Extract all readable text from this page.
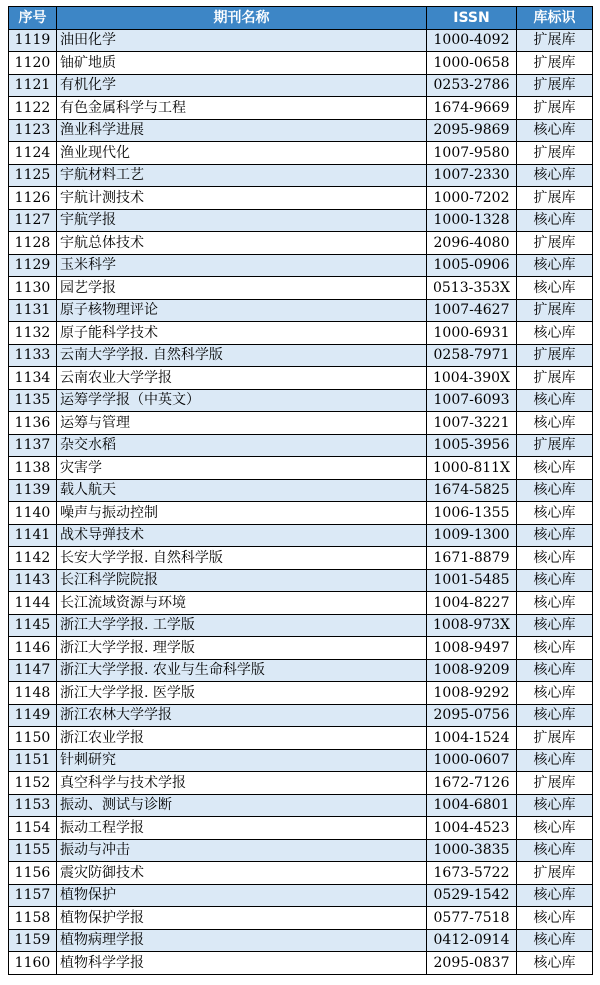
序号	期刊名称	ISSN	库标识
1119	油田化学	1000-4092	扩展库
1120	铀矿地质	1000-0658	扩展库
1121	有机化学	0253-2786	扩展库
1122	有色金属科学与工程	1674-9669	扩展库
1123	渔业科学进展	2095-9869	核心库
1124	渔业现代化	1007-9580	扩展库
1125	宇航材料工艺	1007-2330	核心库
1126	宇航计测技术	1000-7202	扩展库
1127	宇航学报	1000-1328	核心库
1128	宇航总体技术	2096-4080	扩展库
1129	玉米科学	1005-0906	核心库
1130	园艺学报	0513-353X	核心库
1131	原子核物理评论	1007-4627	扩展库
1132	原子能科学技术	1000-6931	核心库
1133	云南大学学报. 自然科学版	0258-7971	扩展库
1134	云南农业大学学报	1004-390X	扩展库
1135	运筹学学报（中英文）	1007-6093	核心库
1136	运筹与管理	1007-3221	核心库
1137	杂交水稻	1005-3956	扩展库
1138	灾害学	1000-811X	核心库
1139	载人航天	1674-5825	核心库
1140	噪声与振动控制	1006-1355	核心库
1141	战术导弹技术	1009-1300	核心库
1142	长安大学学报. 自然科学版	1671-8879	核心库
1143	长江科学院院报	1001-5485	核心库
1144	长江流域资源与环境	1004-8227	核心库
1145	浙江大学学报. 工学版	1008-973X	核心库
1146	浙江大学学报. 理学版	1008-9497	核心库
1147	浙江大学学报. 农业与生命科学版	1008-9209	核心库
1148	浙江大学学报. 医学版	1008-9292	核心库
1149	浙江农林大学学报	2095-0756	核心库
1150	浙江农业学报	1004-1524	扩展库
1151	针刺研究	1000-0607	核心库
1152	真空科学与技术学报	1672-7126	扩展库
1153	振动、测试与诊断	1004-6801	核心库
1154	振动工程学报	1004-4523	核心库
1155	振动与冲击	1000-3835	核心库
1156	震灾防御技术	1673-5722	扩展库
1157	植物保护	0529-1542	核心库
1158	植物保护学报	0577-7518	核心库
1159	植物病理学报	0412-0914	核心库
1160	植物科学学报	2095-0837	核心库
